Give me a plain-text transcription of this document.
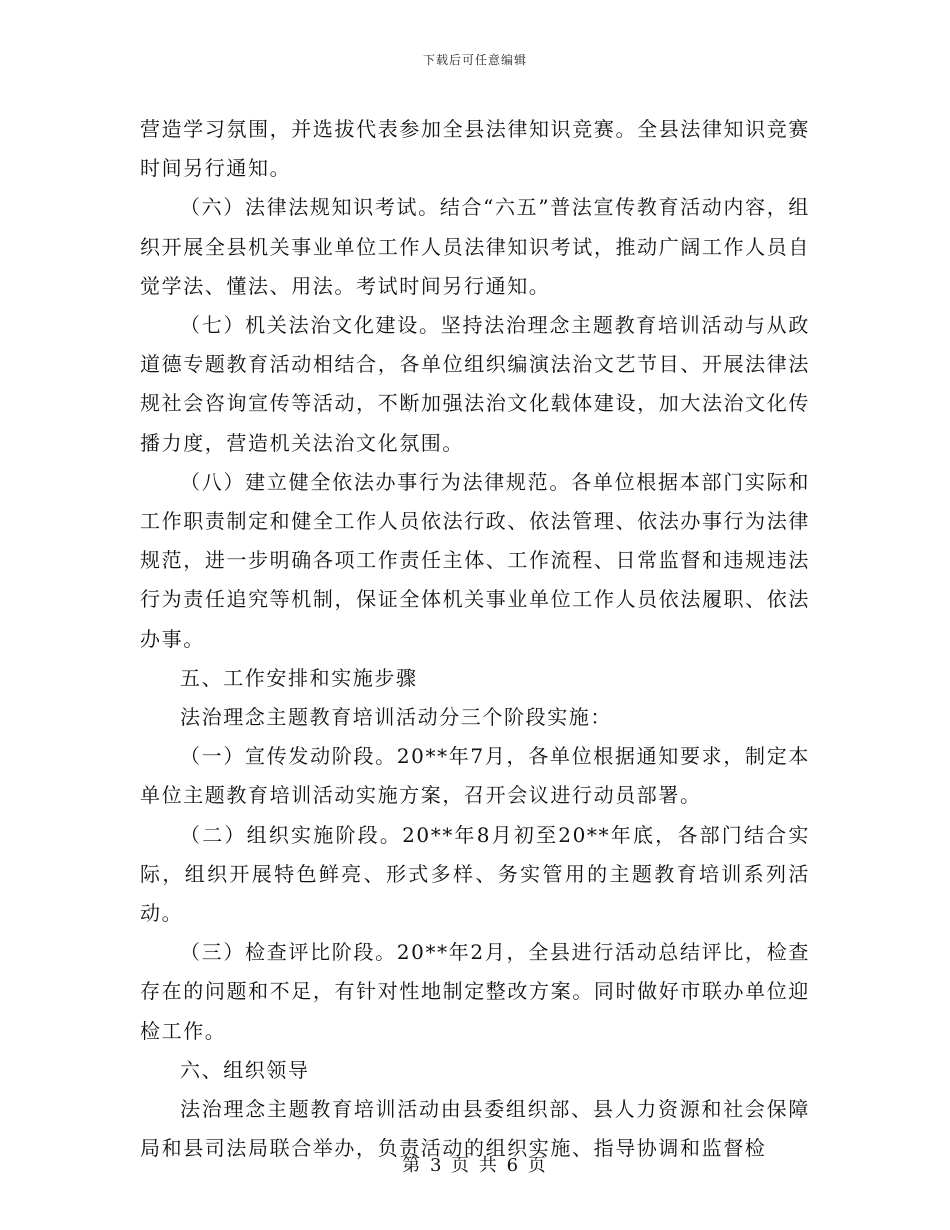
下载后可任意编辑

营造学习氛围，并选拔代表参加全县法律知识竞赛。全县法律知识竞赛时间另行通知。

（六）法律法规知识考试。结合“六五”普法宣传教育活动内容，组织开展全县机关事业单位工作人员法律知识考试，推动广阔工作人员自觉学法、懂法、用法。考试时间另行通知。

（七）机关法治文化建设。坚持法治理念主题教育培训活动与从政道德专题教育活动相结合，各单位组织编演法治文艺节目、开展法律法规社会咨询宣传等活动，不断加强法治文化载体建设，加大法治文化传播力度，营造机关法治文化氛围。

（八）建立健全依法办事行为法律规范。各单位根据本部门实际和工作职责制定和健全工作人员依法行政、依法管理、依法办事行为法律规范，进一步明确各项工作责任主体、工作流程、日常监督和违规违法行为责任追究等机制，保证全体机关事业单位工作人员依法履职、依法办事。

五、工作安排和实施步骤

法治理念主题教育培训活动分三个阶段实施：

（一）宣传发动阶段。20**年7月，各单位根据通知要求，制定本单位主题教育培训活动实施方案，召开会议进行动员部署。

（二）组织实施阶段。20**年8月初至20**年底，各部门结合实际，组织开展特色鲜亮、形式多样、务实管用的主题教育培训系列活动。

（三）检查评比阶段。20**年2月，全县进行活动总结评比，检查存在的问题和不足，有针对性地制定整改方案。同时做好市联办单位迎检工作。

六、组织领导

法治理念主题教育培训活动由县委组织部、县人力资源和社会保障局和县司法局联合举办，负责活动的组织实施、指导协调和监督检

第 3 页 共 6 页
